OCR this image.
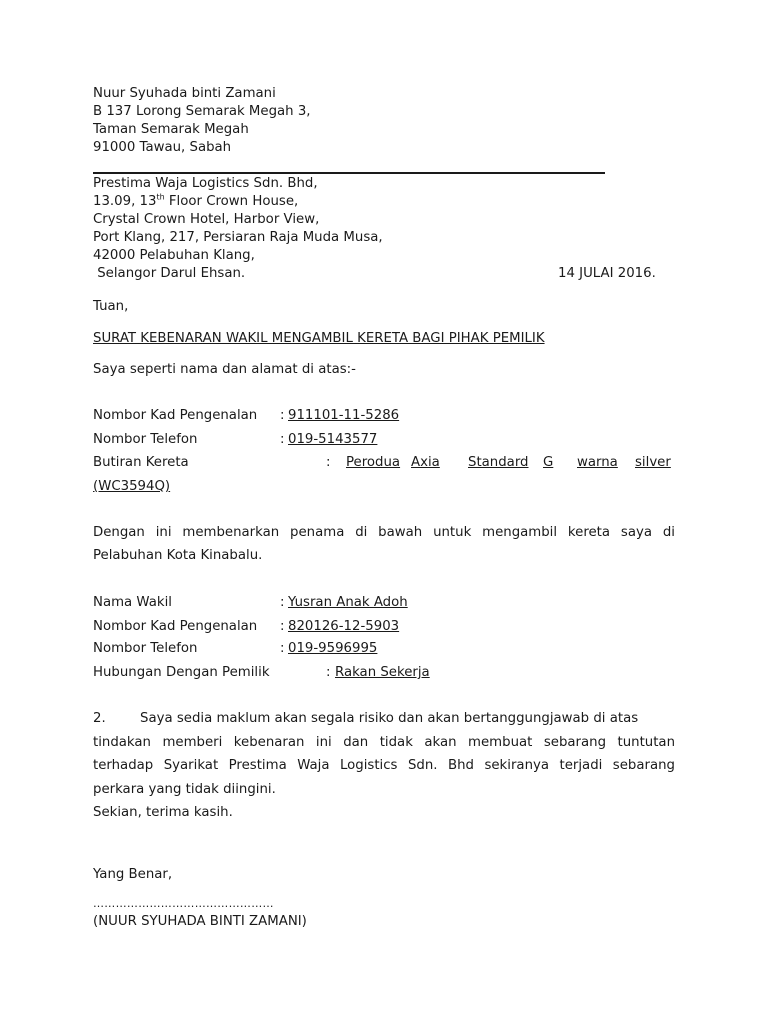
Nuur Syuhada binti Zamani
B 137 Lorong Semarak Megah 3,
Taman Semarak Megah
91000 Tawau, Sabah
Prestima Waja Logistics Sdn. Bhd,
13.09, 13th Floor Crown House,
Crystal Crown Hotel, Harbor View,
Port Klang, 217, Persiaran Raja Muda Musa,
42000 Pelabuhan Klang,
Selangor Darul Ehsan.	14 JULAI 2016.
Tuan,
SURAT KEBENARAN WAKIL MENGAMBIL KERETA BAGI PIHAK PEMILIK
Saya seperti nama dan alamat di atas:-
Nombor Kad Pengenalan : 911101-11-5286
Nombor Telefon	: 019-5143577
Butiran Kereta	: Perodua Axia Standard G warna silver
(WC3594Q)
Dengan ini membenarkan penama di bawah untuk mengambil kereta saya di
Pelabuhan Kota Kinabalu.
Nama Wakil	: Yusran Anak Adoh
Nombor Kad Pengenalan : 820126-12-5903
Nombor Telefon	: 019-9596995
Hubungan Dengan Pemilik	: Rakan Sekerja
2.	Saya sedia maklum akan segala risiko dan akan bertanggungjawab di atas
tindakan memberi kebenaran ini dan tidak akan membuat sebarang tuntutan
terhadap Syarikat Prestima Waja Logistics Sdn. Bhd sekiranya terjadi sebarang
perkara yang tidak diingini.
Sekian, terima kasih.
Yang Benar,
…………………………………………
(NUUR SYUHADA BINTI ZAMANI)
